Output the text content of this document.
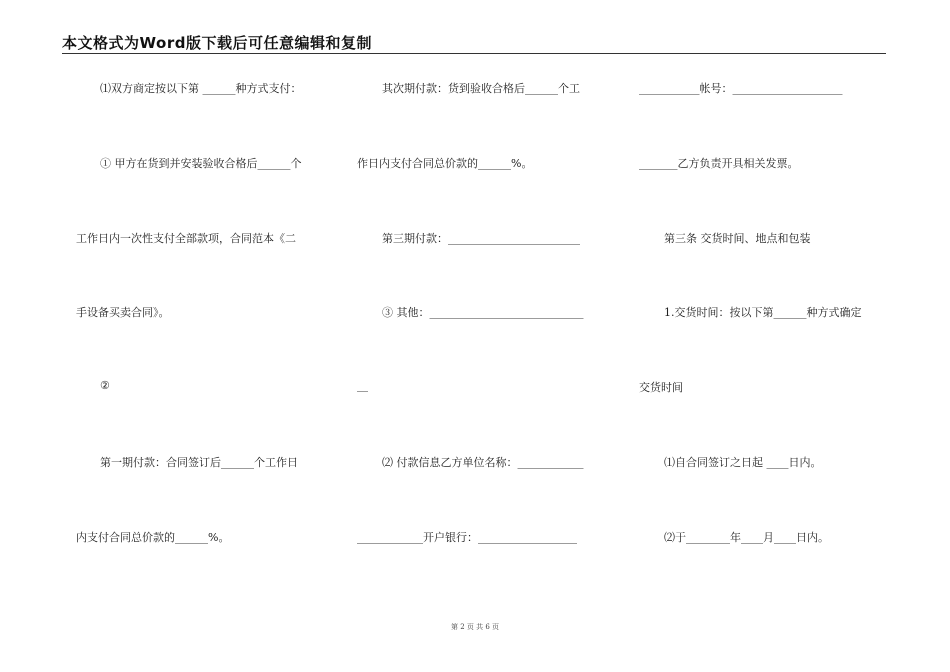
本文格式为Word版下载后可任意编辑和复制
⑴双方商定按以下第 ______种方式支付：
① 甲方在货到并安装验收合格后______个
工作日内一次性支付全部款项，合同范本《二
手设备买卖合同》。
②
第一期付款：合同签订后______个工作日
内支付合同总价款的______%。
其次期付款：货到验收合格后______个工
作日内支付合同总价款的______%。
第三期付款：________________________
③ 其他：____________________________
__
⑵ 付款信息乙方单位名称：____________
____________开户银行：__________________
___________帐号：____________________
_______乙方负责开具相关发票。
第三条 交货时间、地点和包装
1.交货时间：按以下第______种方式确定
交货时间
⑴自合同签订之日起 ____日内。
⑵于________年____月____日内。
第 2 页 共 6 页
